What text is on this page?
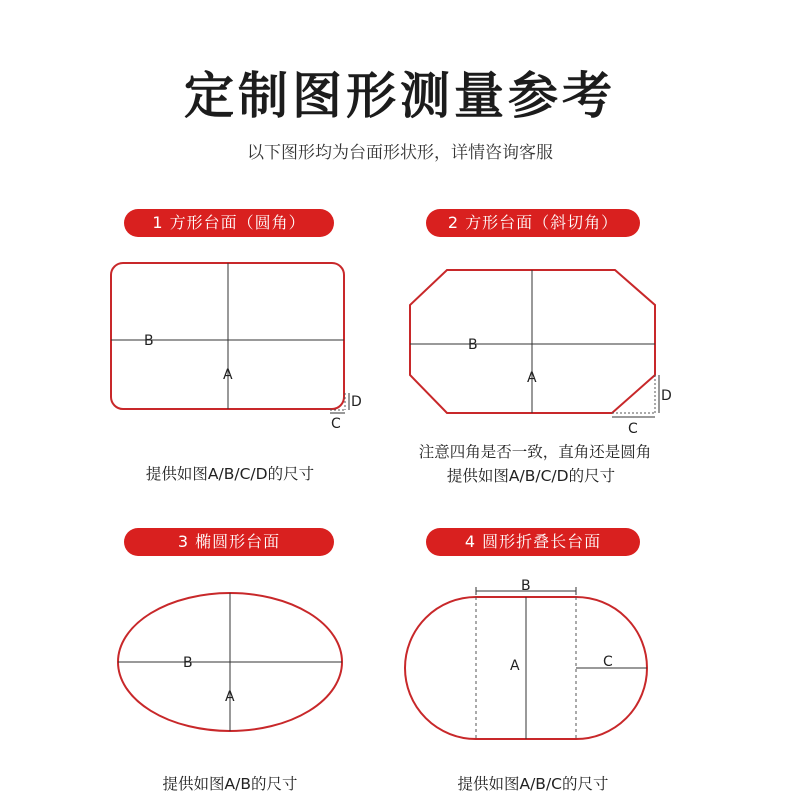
定制图形测量参考
以下图形均为台面形状形，详情咨询客服
1 方形台面（圆角）	2 方形台面（斜切角）
3 椭圆形台面	4 圆形折叠长台面
提供如图A/B/C/D的尺寸
注意四角是否一致，直角还是圆角
提供如图A/B/C/D的尺寸
提供如图A/B的尺寸	提供如图A/B/C的尺寸
B
A
D
C
B
A
D
C
B
A
B
A	C
